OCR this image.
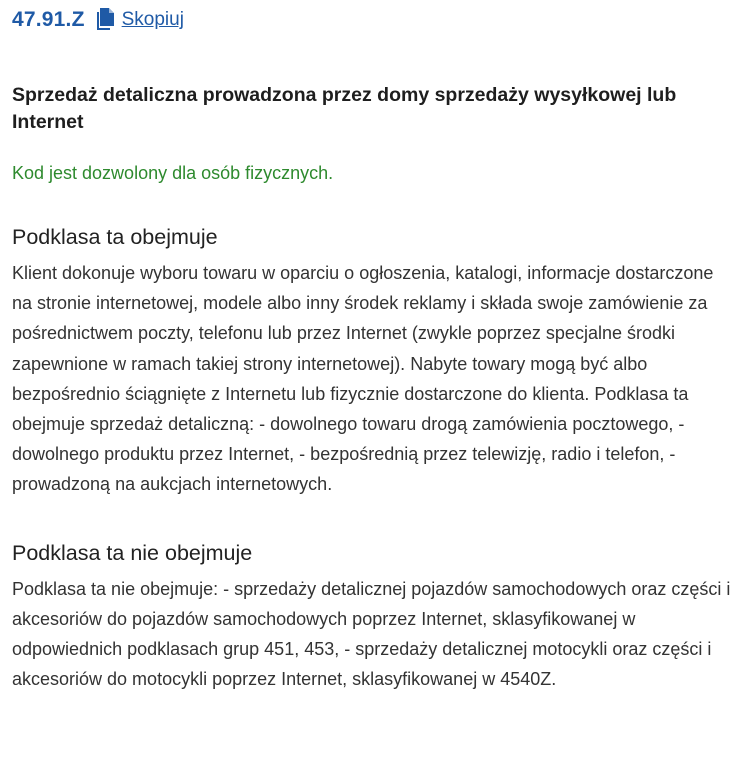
47.91.Z Skopiuj
Sprzedaż detaliczna prowadzona przez domy sprzedaży wysyłkowej lub Internet
Kod jest dozwolony dla osób fizycznych.
Podklasa ta obejmuje
Klient dokonuje wyboru towaru w oparciu o ogłoszenia, katalogi, informacje dostarczone na stronie internetowej, modele albo inny środek reklamy i składa swoje zamówienie za pośrednictwem poczty, telefonu lub przez Internet (zwykle poprzez specjalne środki zapewnione w ramach takiej strony internetowej). Nabyte towary mogą być albo bezpośrednio ściągnięte z Internetu lub fizycznie dostarczone do klienta. Podklasa ta obejmuje sprzedaż detaliczną: - dowolnego towaru drogą zamówienia pocztowego, - dowolnego produktu przez Internet, - bezpośrednią przez telewizję, radio i telefon, - prowadzoną na aukcjach internetowych.
Podklasa ta nie obejmuje
Podklasa ta nie obejmuje: - sprzedaży detalicznej pojazdów samochodowych oraz części i akcesoriów do pojazdów samochodowych poprzez Internet, sklasyfikowanej w odpowiednich podklasach grup 451, 453, - sprzedaży detalicznej motocykli oraz części i akcesoriów do motocykli poprzez Internet, sklasyfikowanej w 4540Z.
